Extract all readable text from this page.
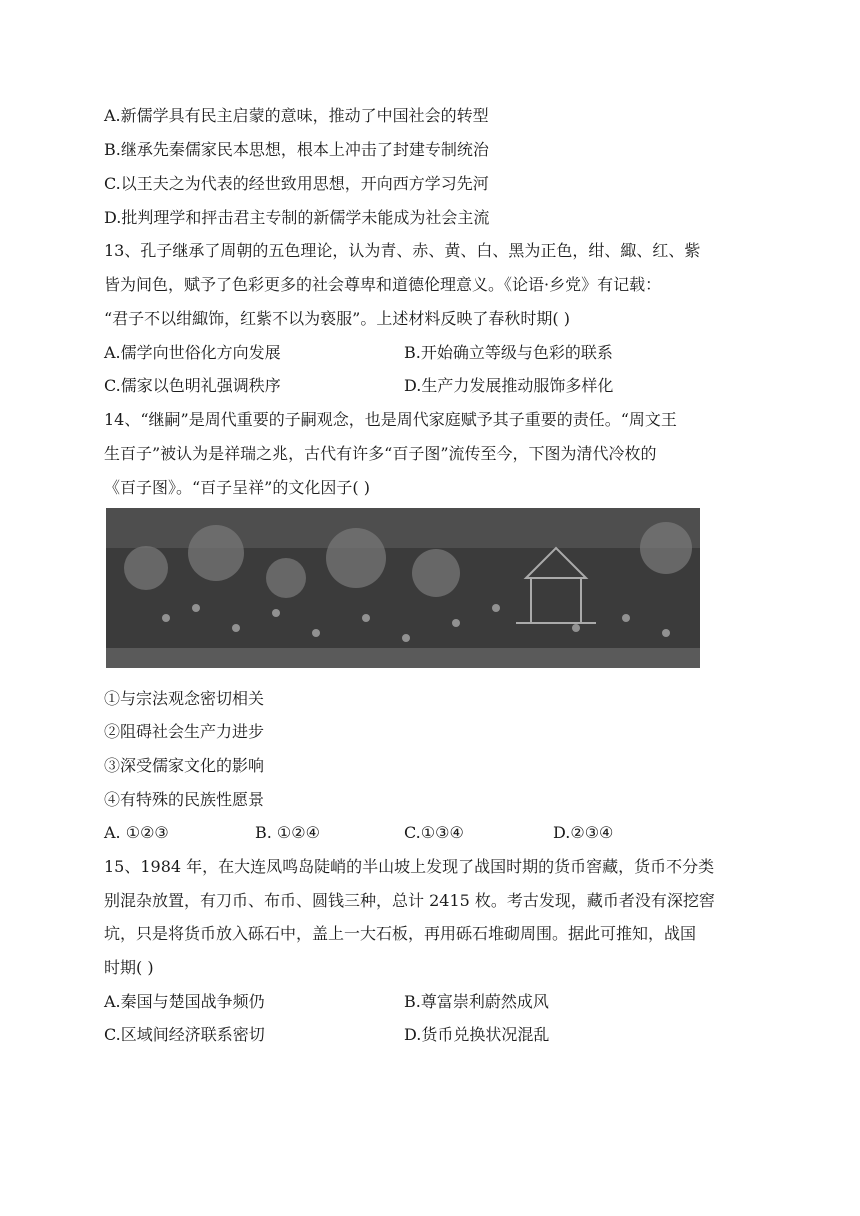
A.新儒学具有民主启蒙的意味，推动了中国社会的转型
B.继承先秦儒家民本思想，根本上冲击了封建专制统治
C.以王夫之为代表的经世致用思想，开向西方学习先河
D.批判理学和抨击君主专制的新儒学未能成为社会主流
13、孔子继承了周朝的五色理论，认为青、赤、黄、白、黑为正色，绀、緅、红、紫
皆为间色，赋予了色彩更多的社会尊卑和道德伦理意义。《论语·乡党》有记载：
“君子不以绀緅饰，红紫不以为亵服”。上述材料反映了春秋时期( )
A.儒学向世俗化方向发展	B.开始确立等级与色彩的联系
C.儒家以色明礼强调秩序	D.生产力发展推动服饰多样化
14、“继嗣”是周代重要的子嗣观念，也是周代家庭赋予其子重要的责任。“周文王
生百子”被认为是祥瑞之兆，古代有许多“百子图”流传至今，下图为清代冷枚的
《百子图》。“百子呈祥”的文化因子( )
①与宗法观念密切相关
②阻碍社会生产力进步
③深受儒家文化的影响
④有特殊的民族性愿景
A. ①②③	B. ①②④	C.①③④	D.②③④
15、1984 年，在大连凤鸣岛陡峭的半山坡上发现了战国时期的货币窖藏，货币不分类
别混杂放置，有刀币、布币、圆钱三种，总计 2415 枚。考古发现，藏币者没有深挖窖
坑，只是将货币放入砾石中，盖上一大石板，再用砾石堆砌周围。据此可推知，战国
时期( )
A.秦国与楚国战争频仍	B.尊富崇利蔚然成风
C.区域间经济联系密切	D.货币兑换状况混乱
